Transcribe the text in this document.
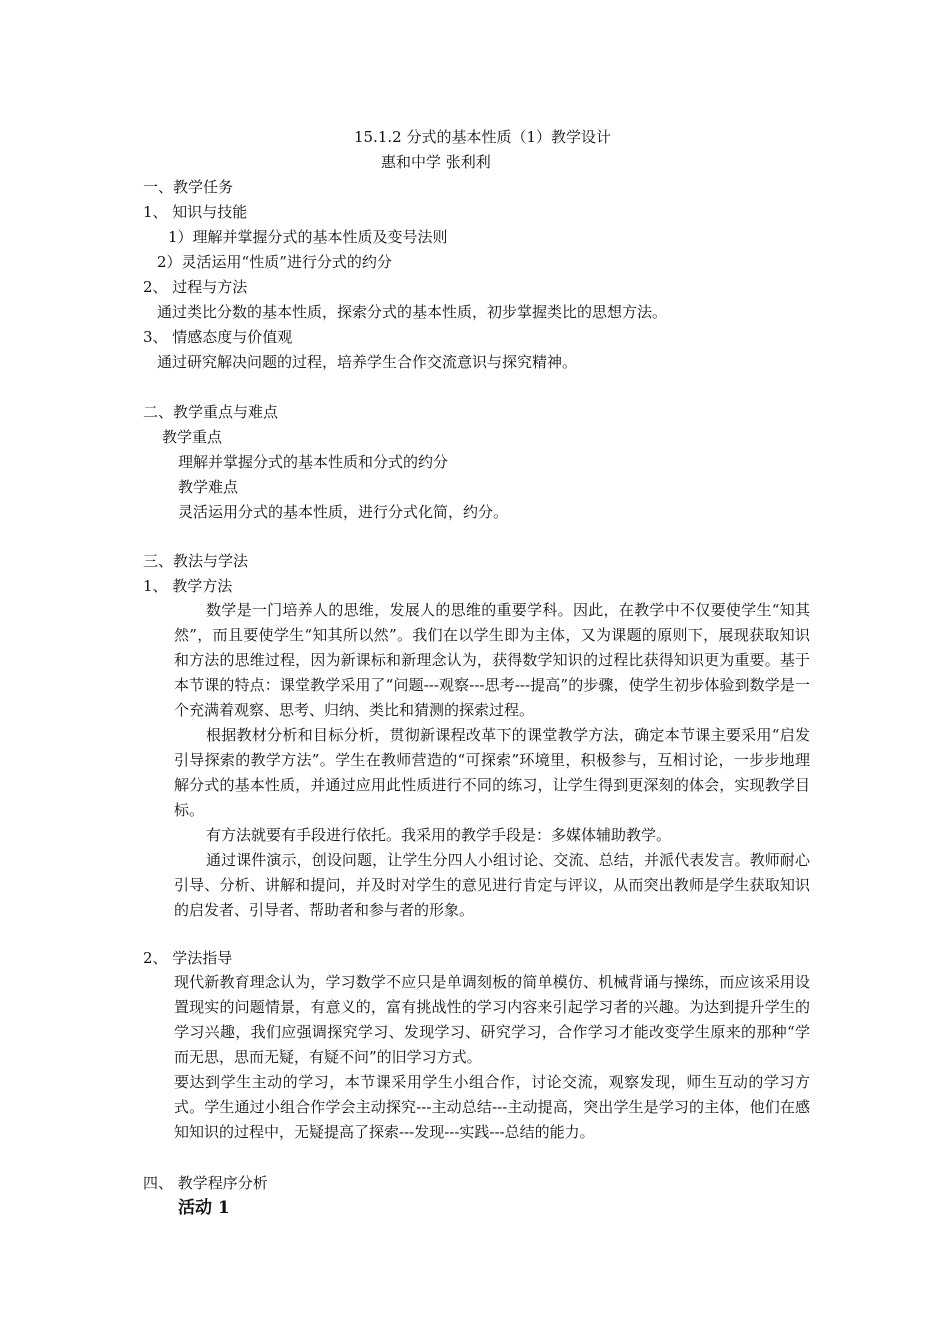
15.1.2 分式的基本性质（1）教学设计
惠和中学 张利利
一、教学任务
1、 知识与技能
1）理解并掌握分式的基本性质及变号法则
2）灵活运用“性质”进行分式的约分
2、 过程与方法
通过类比分数的基本性质，探索分式的基本性质，初步掌握类比的思想方法。
3、 情感态度与价值观
通过研究解决问题的过程，培养学生合作交流意识与探究精神。
二、教学重点与难点
教学重点
理解并掌握分式的基本性质和分式的约分
教学难点
灵活运用分式的基本性质，进行分式化简，约分。
三、教法与学法
1、 教学方法
数学是一门培养人的思维，发展人的思维的重要学科。因此，在教学中不仅要使学生“知其然”，而且要使学生“知其所以然”。我们在以学生即为主体，又为课题的原则下，展现获取知识和方法的思维过程，因为新课标和新理念认为，获得数学知识的过程比获得知识更为重要。基于本节课的特点：课堂教学采用了“问题---观察---思考---提高”的步骤，使学生初步体验到数学是一个充满着观察、思考、归纳、类比和猜测的探索过程。
根据教材分析和目标分析，贯彻新课程改革下的课堂教学方法，确定本节课主要采用“启发引导探索的教学方法”。学生在教师营造的“可探索”环境里，积极参与，互相讨论，一步步地理解分式的基本性质，并通过应用此性质进行不同的练习，让学生得到更深刻的体会，实现教学目标。
有方法就要有手段进行依托。我采用的教学手段是：多媒体辅助教学。
通过课件演示，创设问题，让学生分四人小组讨论、交流、总结，并派代表发言。教师耐心引导、分析、讲解和提问，并及时对学生的意见进行肯定与评议，从而突出教师是学生获取知识的启发者、引导者、帮助者和参与者的形象。
2、 学法指导
现代新教育理念认为，学习数学不应只是单调刻板的简单模仿、机械背诵与操练，而应该采用设置现实的问题情景，有意义的，富有挑战性的学习内容来引起学习者的兴趣。为达到提升学生的学习兴趣，我们应强调探究学习、发现学习、研究学习，合作学习才能改变学生原来的那种“学而无思，思而无疑，有疑不问”的旧学习方式。
要达到学生主动的学习，本节课采用学生小组合作，讨论交流，观察发现，师生互动的学习方式。学生通过小组合作学会主动探究---主动总结---主动提高，突出学生是学习的主体，他们在感知知识的过程中，无疑提高了探索---发现---实践---总结的能力。
四、 教学程序分析
活动 1
